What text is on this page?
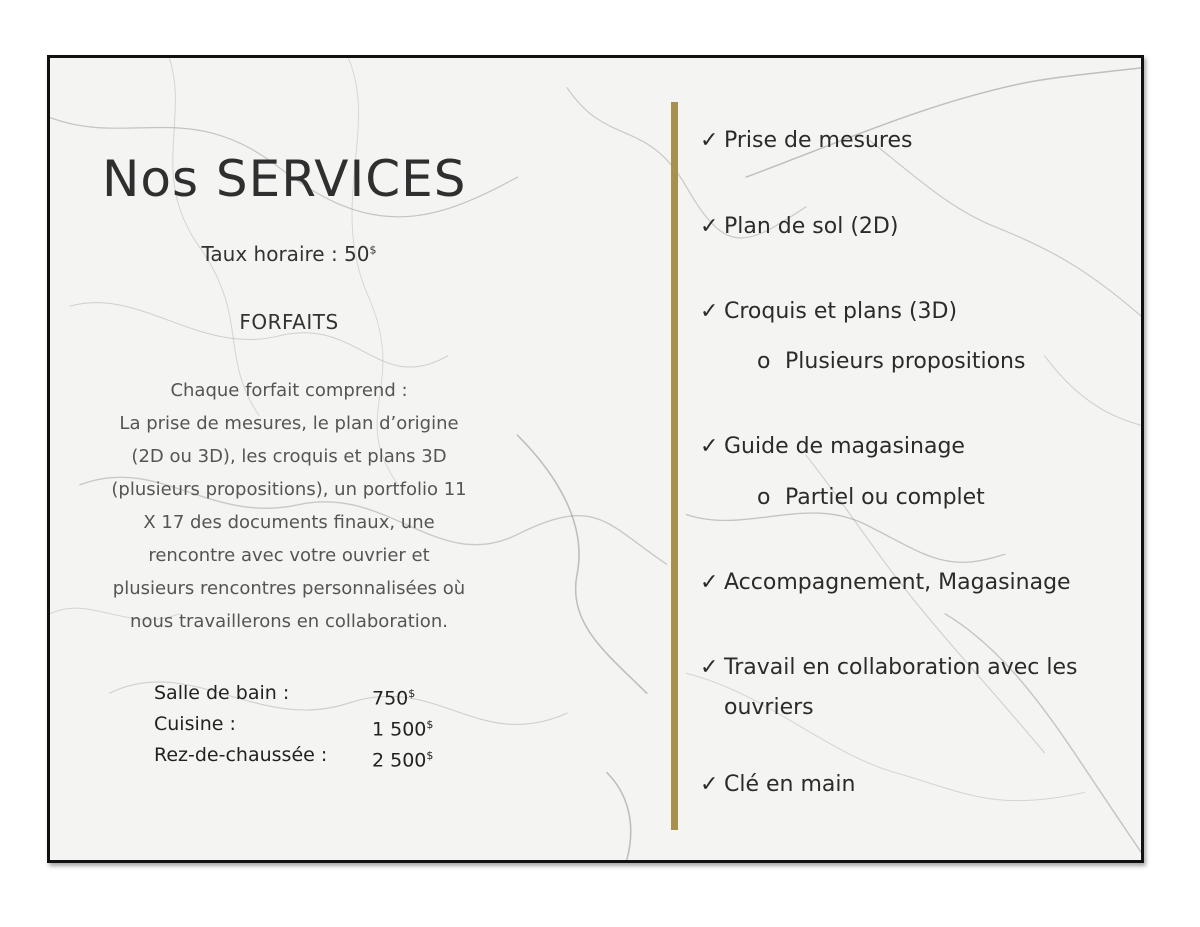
Nos SERVICES
Taux horaire : 50$
FORFAITS
Chaque forfait comprend :
La prise de mesures, le plan d’origine
(2D ou 3D), les croquis et plans 3D
(plusieurs propositions), un portfolio 11
X 17 des documents finaux, une
rencontre avec votre ouvrier et
plusieurs rencontres personnalisées où
nous travaillerons en collaboration.
Salle de bain :	750$
Cuisine :	1 500$
Rez-de-chaussée :	2 500$
✓ Prise de mesures
✓ Plan de sol (2D)
✓ Croquis et plans (3D)
o Plusieurs propositions
✓ Guide de magasinage
o Partiel ou complet
✓ Accompagnement, Magasinage
✓ Travail en collaboration avec les ouvriers
✓ Clé en main
